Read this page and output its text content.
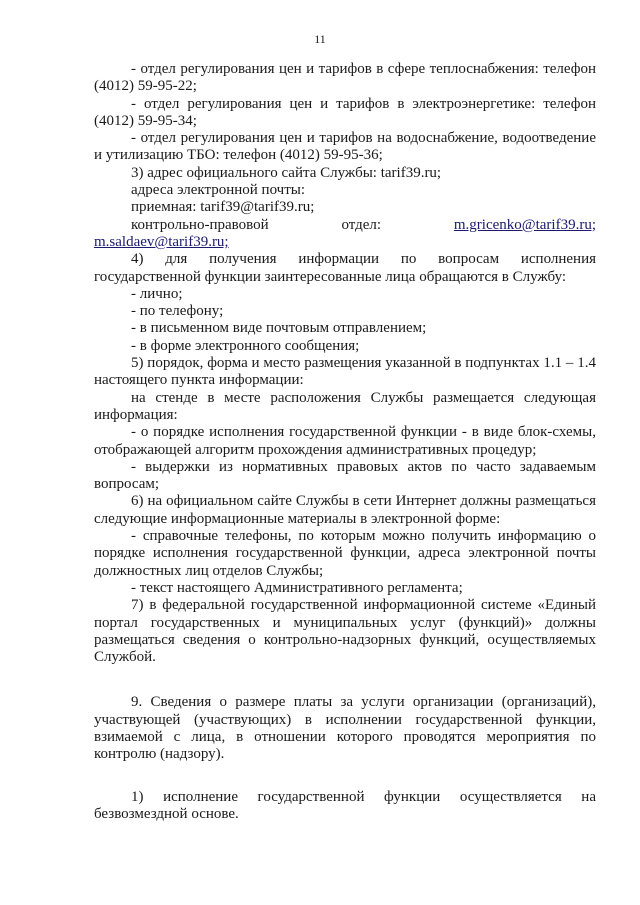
11

- отдел регулирования цен и тарифов в сфере теплоснабжения: телефон (4012) 59-95-22;

- отдел регулирования цен и тарифов в электроэнергетике: телефон (4012) 59-95-34;

- отдел регулирования цен и тарифов на водоснабжение, водоотведение и утилизацию ТБО: телефон (4012) 59-95-36;

3) адрес официального сайта Службы: tarif39.ru;

адреса электронной почты:

приемная: tarif39@tarif39.ru;

контрольно-правовой	отдел:	m.gricenko@tarif39.ru;

m.saldaev@tarif39.ru;

4) для получения информации по вопросам исполнения государственной функции заинтересованные лица обращаются в Службу:

- лично;

- по телефону;

- в письменном виде почтовым отправлением;

- в форме электронного сообщения;

5) порядок, форма и место размещения указанной в подпунктах 1.1 – 1.4 настоящего пункта информации:

на стенде в месте расположения Службы размещается следующая информация:

- о порядке исполнения государственной функции - в виде блок-схемы, отображающей алгоритм прохождения административных процедур;

- выдержки из нормативных правовых актов по часто задаваемым вопросам;

6) на официальном сайте Службы в сети Интернет должны размещаться следующие информационные материалы в электронной форме:

- справочные телефоны, по которым можно получить информацию о порядке исполнения государственной функции, адреса электронной почты должностных лиц отделов Службы;

- текст настоящего Административного регламента;

7) в федеральной государственной информационной системе «Единый портал государственных и муниципальных услуг (функций)» должны размещаться сведения о контрольно-надзорных функций, осуществляемых Службой.

9. Сведения о размере платы за услуги организации (организаций), участвующей (участвующих) в исполнении государственной функции, взимаемой с лица, в отношении которого проводятся мероприятия по контролю (надзору).

1) исполнение государственной функции осуществляется на безвозмездной основе.
